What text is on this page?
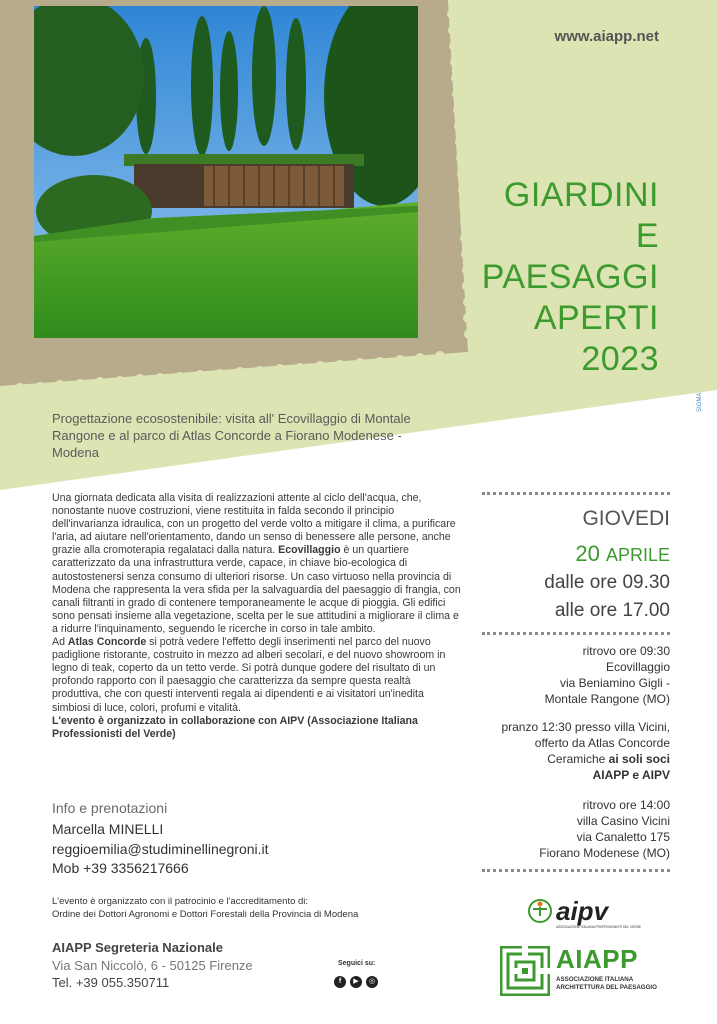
www.aiapp.net
GIARDINI
E
PAESAGGI
APERTI
2023
Progettazione ecosostenibile: visita all' Ecovillaggio di Montale Rangone e al parco di Atlas Concorde a Fiorano Modenese - Modena
SIGMA
Una giornata dedicata alla visita di realizzazioni attente al ciclo dell'acqua, che, nonostante nuove costruzioni, viene restituita in falda secondo il principio dell'invarianza idraulica, con un progetto del verde volto a mitigare il clima, a purificare l'aria, ad aiutare nell'orientamento, dando un senso di benessere alle persone, anche grazie alla cromoterapia regalataci dalla natura. Ecovillaggio è un quartiere caratterizzato da una infrastruttura verde, capace, in chiave bio-ecologica di autostostenersi senza consumo di ulteriori risorse. Un caso virtuoso nella provincia di Modena che rappresenta la vera sfida per la salvaguardia del paesaggio di frangia, con canali filtranti in grado di contenere temporaneamente le acque di pioggia. Gli edifici sono pensati insieme alla vegetazione, scelta per le sue attitudini a migliorare il clima e a ridurre l'inquinamento, seguendo le ricerche in corso in tale ambito.
Ad Atlas Concorde si potrà vedere l'effetto degli inserimenti nel parco del nuovo padiglione ristorante, costruito in mezzo ad alberi secolari, e del nuovo showroom in legno di teak, coperto da un tetto verde. Si potrà dunque godere del risultato di un profondo rapporto con il paesaggio che caratterizza da sempre questa realtà produttiva, che con questi interventi regala ai dipendenti e ai visitatori un'inedita simbiosi di luce, colori, profumi e vitalità.
L'evento è organizzato in collaborazione con AIPV (Associazione Italiana Professionisti del Verde)
GIOVEDI
20 APRILE
dalle ore 09.30
alle ore 17.00
ritrovo ore 09:30
Ecovillaggio
via Beniamino Gigli -
Montale Rangone (MO)
pranzo 12:30 presso villa Vicini,
offerto da Atlas Concorde
Ceramiche ai soli soci
AIAPP e AIPV
ritrovo ore 14:00
villa Casino Vicini
via Canaletto 175
Fiorano Modenese (MO)
Info e prenotazioni
Marcella MINELLI
reggioemilia@studiminellinegroni.it
Mob +39 3356217666
L'evento è organizzato con il patrocinio e l'accreditamento di:
Ordine dei Dottori Agronomi e Dottori Forestali della Provincia di Modena
AIAPP Segreteria Nazionale
Via San Niccolò, 6 - 50125 Firenze
Tel. +39 055.350711
Seguici su:
f	▶	◎
aipv
ASSOCIAZIONE ITALIANA PROFESSIONISTI DEL VERDE
AIAPP
ASSOCIAZIONE ITALIANA
ARCHITETTURA DEL PAESAGGIO
